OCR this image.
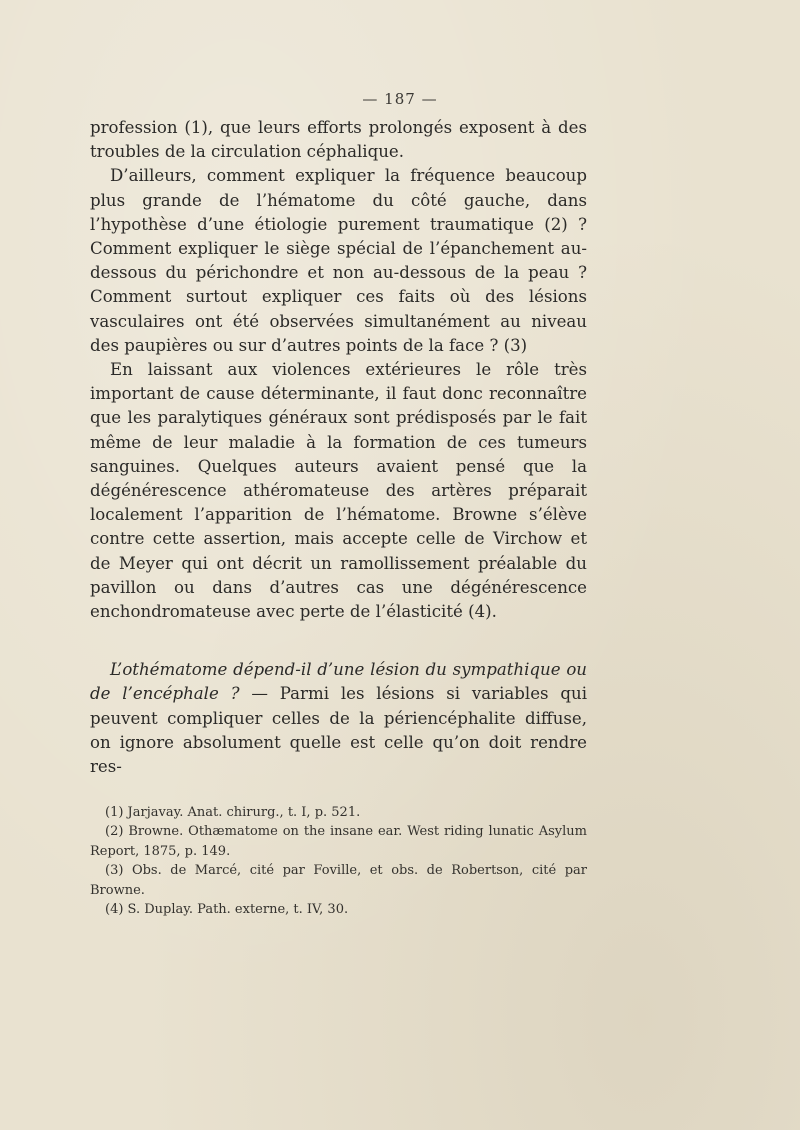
— 187 —

profession (1), que leurs efforts prolongés exposent à des troubles de la circulation céphalique.

D’ailleurs, comment expliquer la fréquence beaucoup plus grande de l’hématome du côté gauche, dans l’hypothèse d’une étiologie purement traumatique (2) ? Comment expliquer le siège spécial de l’épanchement au-dessous du périchondre et non au-dessous de la peau ? Comment surtout expliquer ces faits où des lésions vasculaires ont été observées simultanément au niveau des paupières ou sur d’autres points de la face ? (3)

En laissant aux violences extérieures le rôle très important de cause déterminante, il faut donc reconnaître que les paralytiques généraux sont prédisposés par le fait même de leur maladie à la formation de ces tumeurs sanguines. Quelques auteurs avaient pensé que la dégénérescence athéromateuse des artères préparait localement l’apparition de l’hématome. Browne s’élève contre cette assertion, mais accepte celle de Virchow et de Meyer qui ont décrit un ramollissement préalable du pavillon ou dans d’autres cas une dégénérescence enchondromateuse avec perte de l’élasticité (4).

L’othématome dépend-il d’une lésion du sympathique ou de l’encéphale ? — Parmi les lésions si variables qui peuvent compliquer celles de la périencéphalite diffuse, on ignore absolument quelle est celle qu’on doit rendre res-

(1) Jarjavay. Anat. chirurg., t. I, p. 521.

(2) Browne. Othæmatome on the insane ear. West riding lunatic Asylum Report, 1875, p. 149.

(3) Obs. de Marcé, cité par Foville, et obs. de Robertson, cité par Browne.

(4) S. Duplay. Path. externe, t. IV, 30.
